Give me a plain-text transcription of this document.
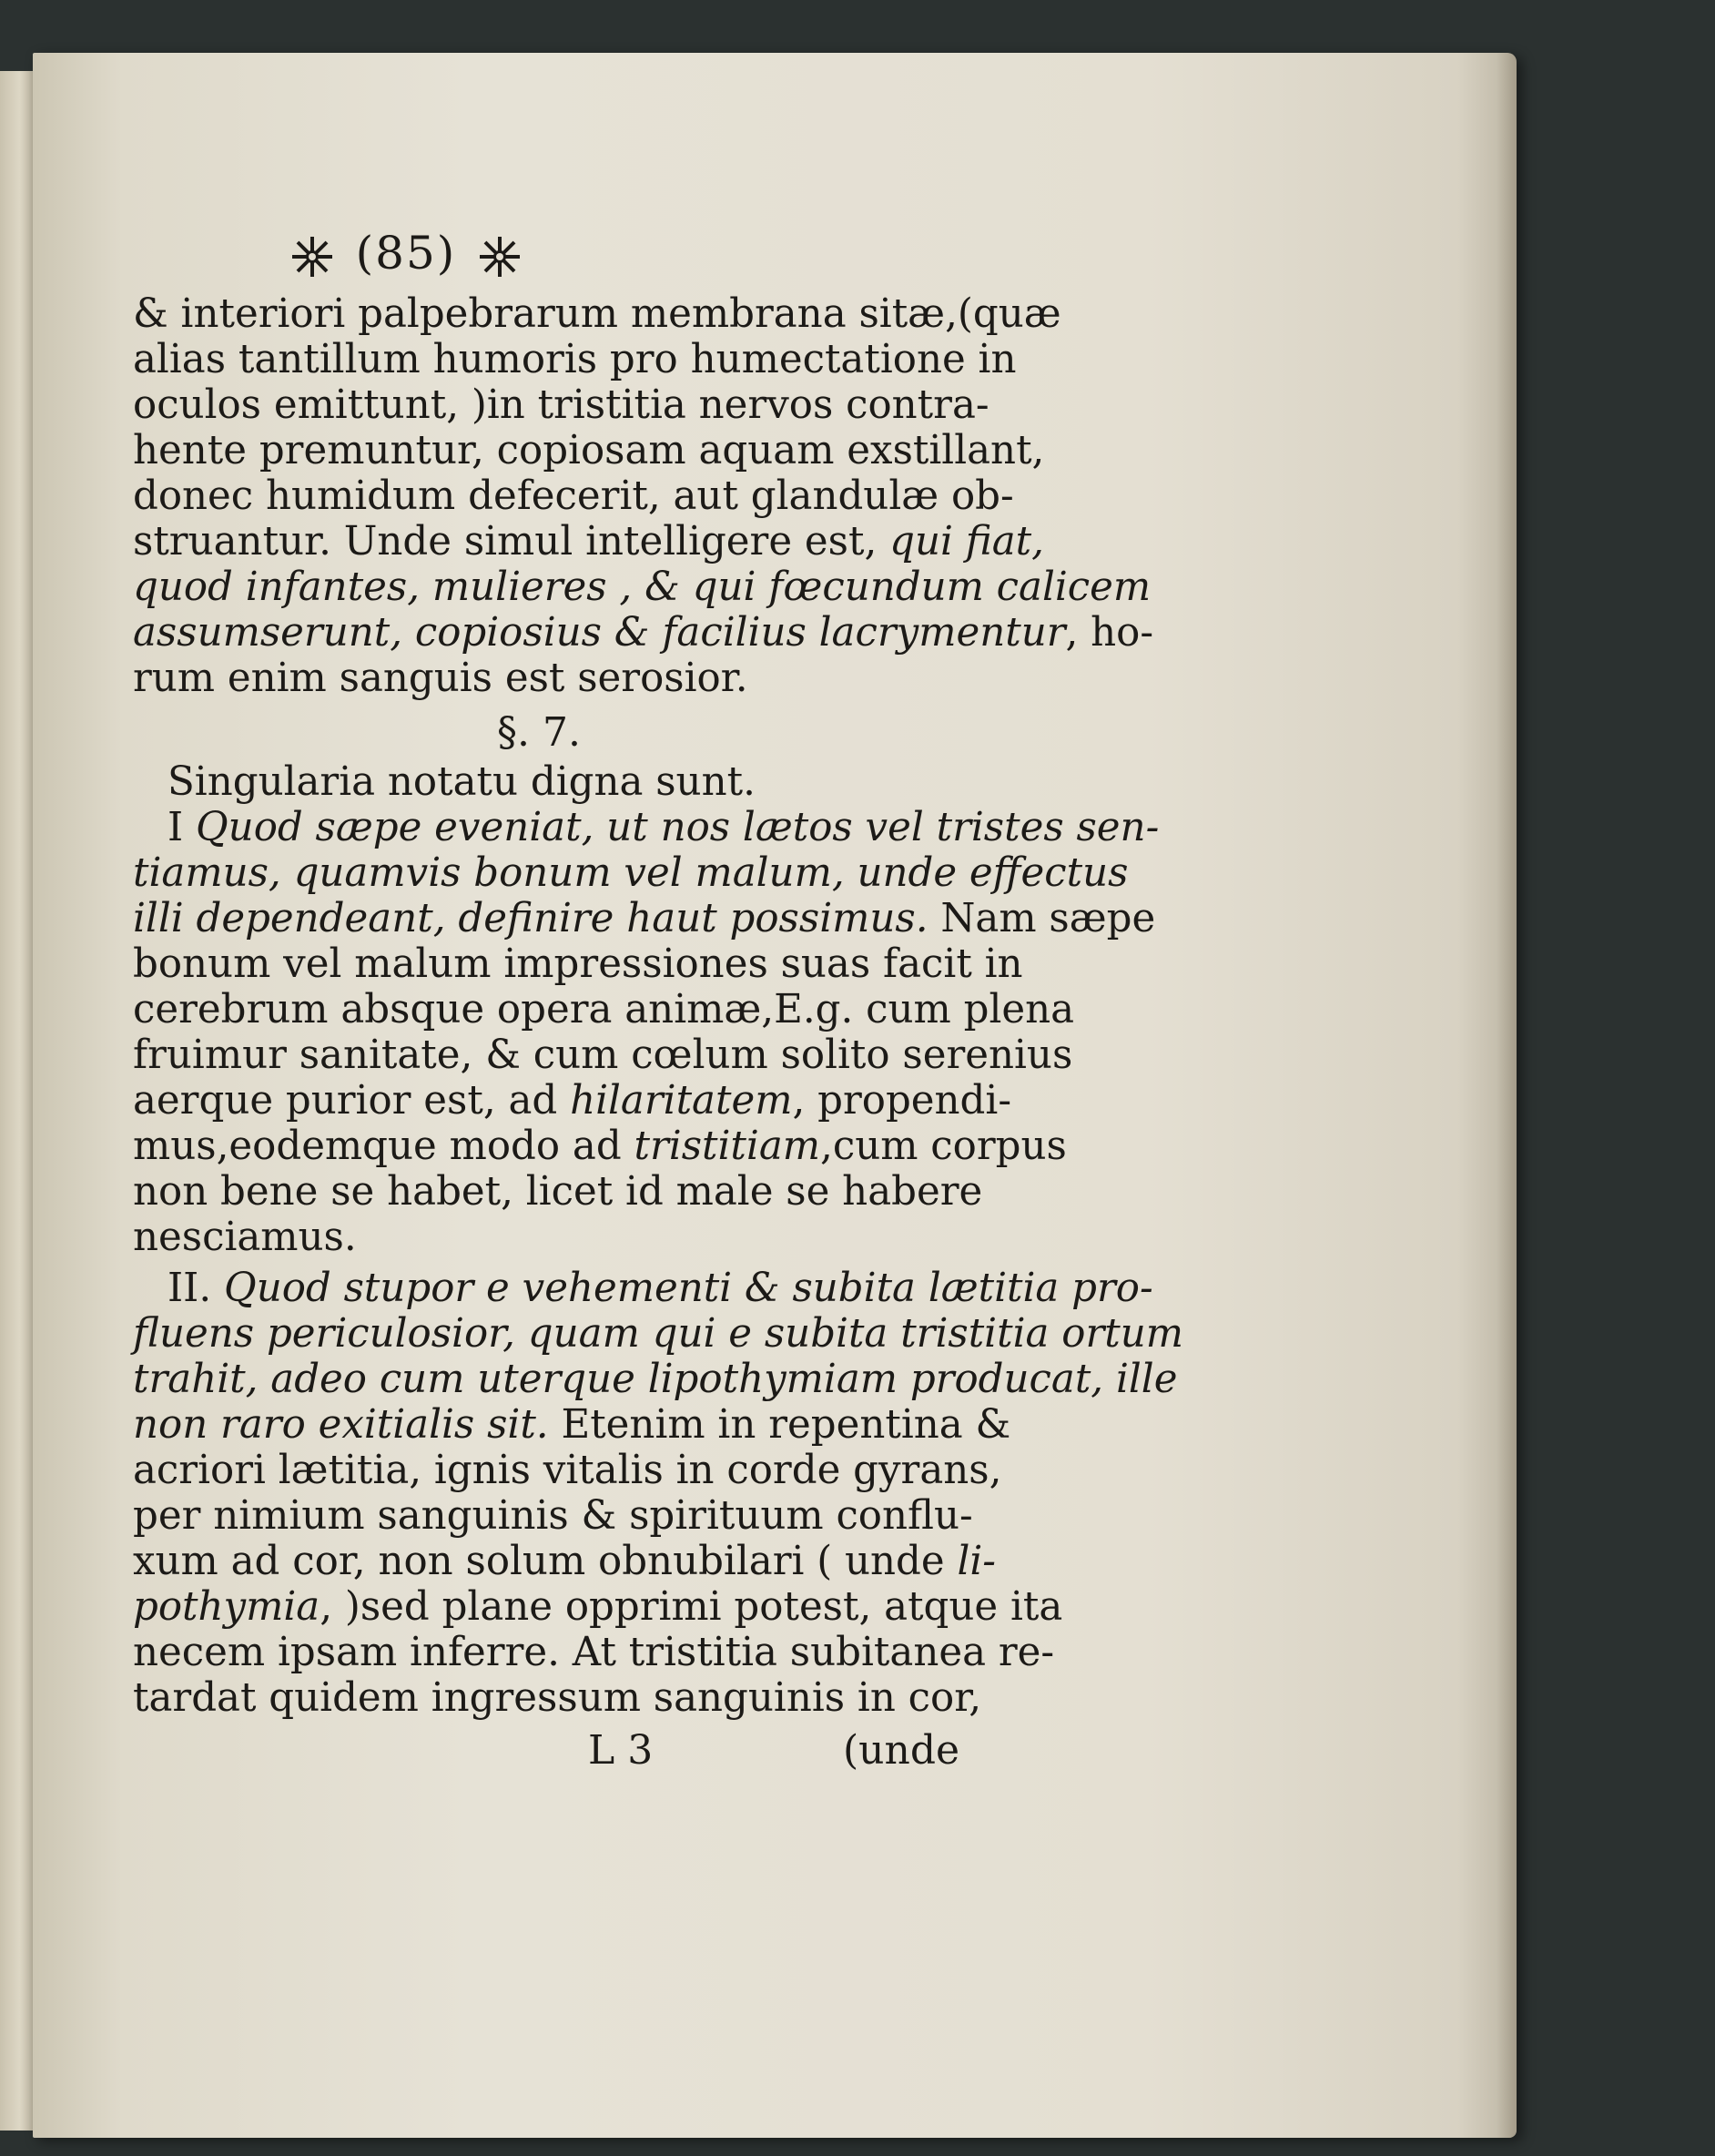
(85)
& interiori palpebrarum membrana sitæ,(quæ
alias tantillum humoris pro humectatione in
oculos emittunt, )in tristitia nervos contra-
hente premuntur, copiosam aquam exstillant,
donec humidum defecerit, aut glandulæ ob-
struantur. Unde simul intelligere est, qui fiat,
quod infantes, mulieres , & qui fœcundum calicem
assumserunt, copiosius & facilius lacrymentur, ho-
rum enim sanguis est serosior.
§. 7.
Singularia notatu digna sunt.
I Quod sæpe eveniat, ut nos lætos vel tristes sen-
tiamus, quamvis bonum vel malum, unde effectus
illi dependeant, definire haut possimus. Nam sæpe
bonum vel malum impressiones suas facit in
cerebrum absque opera animæ,E.g. cum plena
fruimur sanitate, & cum cœlum solito serenius
aerque purior est, ad hilaritatem, propendi-
mus,eodemque modo ad tristitiam,cum corpus
non bene se habet, licet id male se habere
nesciamus.
II. Quod stupor e vehementi & subita lætitia pro-
fluens periculosior, quam qui e subita tristitia ortum
trahit, adeo cum uterque lipothymiam producat, ille
non raro exitialis sit. Etenim in repentina &
acriori lætitia, ignis vitalis in corde gyrans,
per nimium sanguinis & spirituum conflu-
xum ad cor, non solum obnubilari ( unde li-
pothymia, )sed plane opprimi potest, atque ita
necem ipsam inferre. At tristitia subitanea re-
tardat quidem ingressum sanguinis in cor,
L 3	(unde
